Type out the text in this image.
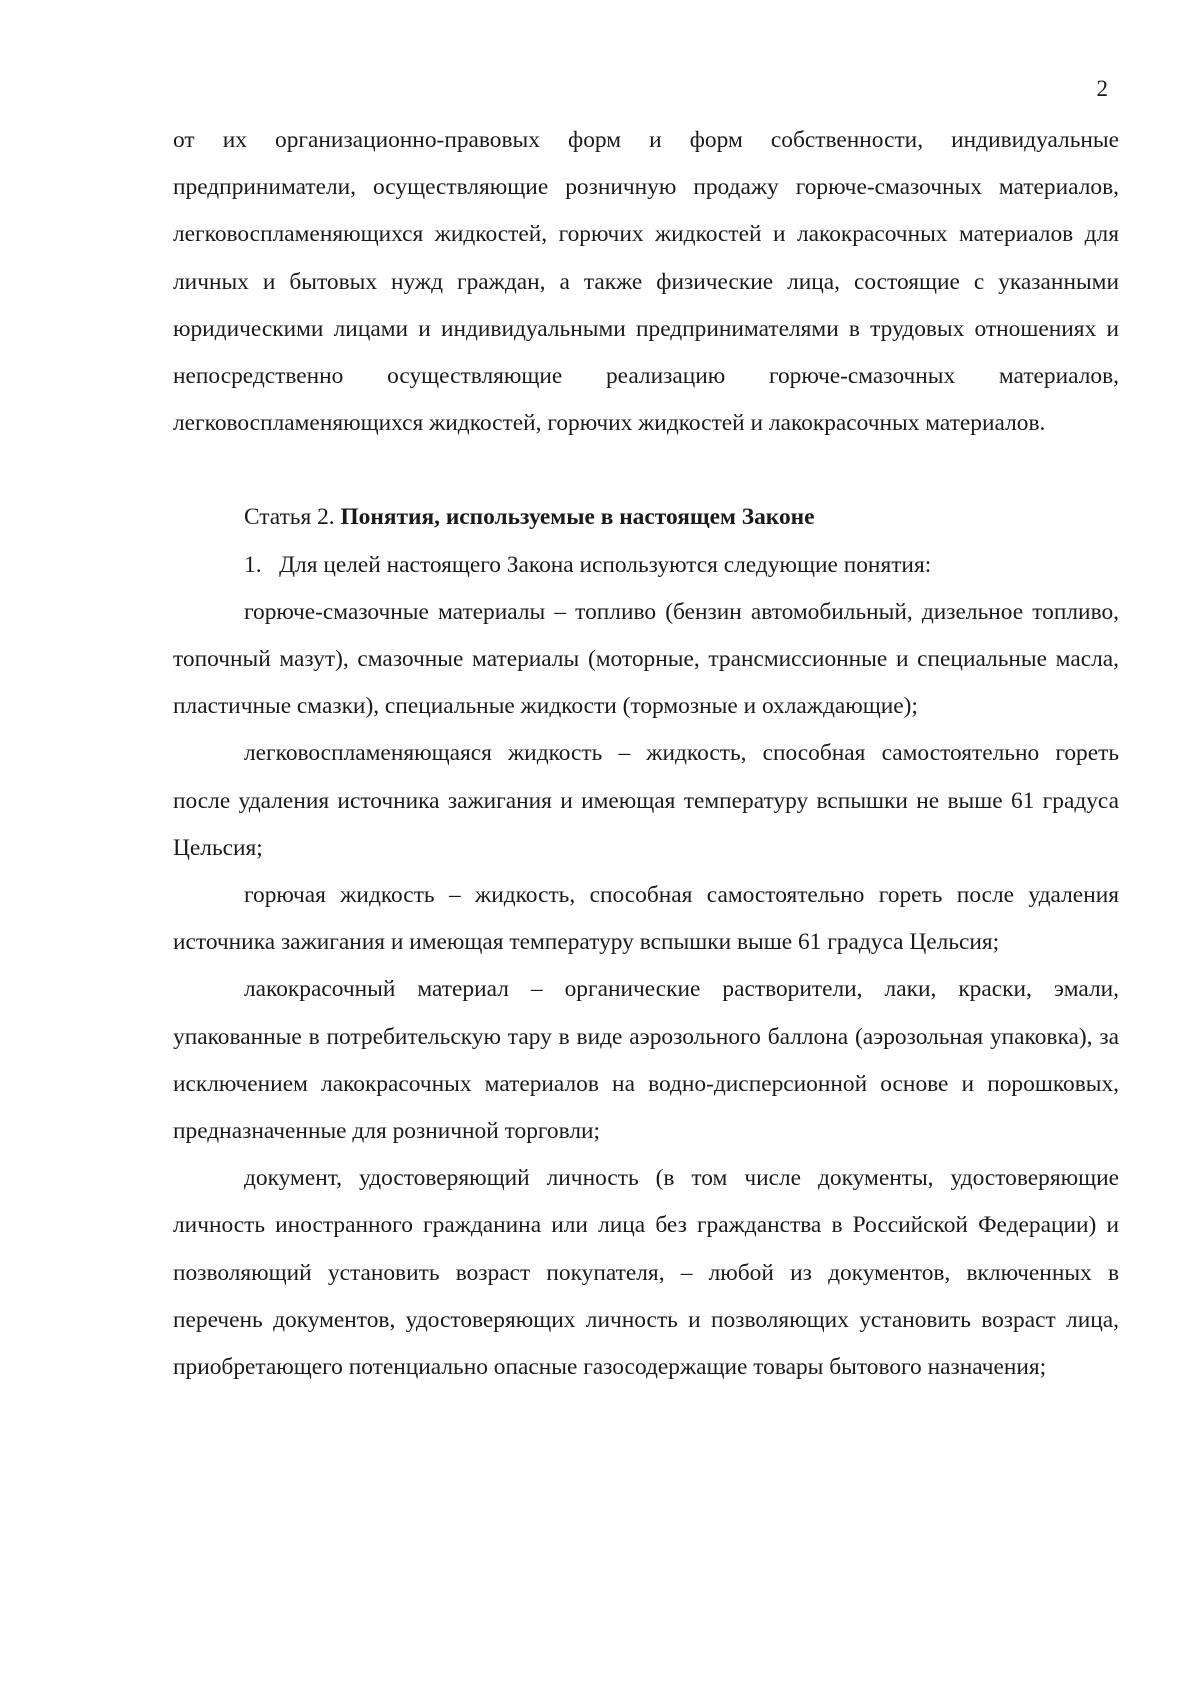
2

от их организационно-правовых форм и форм собственности, индивидуальные предприниматели, осуществляющие розничную продажу горюче-смазочных материалов, легковоспламеняющихся жидкостей, горючих жидкостей и лакокрасочных материалов для личных и бытовых нужд граждан, а также физические лица, состоящие с указанными юридическими лицами и индивидуальными предпринимателями в трудовых отношениях и непосредственно осуществляющие реализацию горюче-смазочных материалов, легковоспламеняющихся жидкостей, горючих жидкостей и лакокрасочных материалов.

Статья 2. Понятия, используемые в настоящем Законе

1.   Для целей настоящего Закона используются следующие понятия:

горюче-смазочные материалы – топливо (бензин автомобильный, дизельное топливо, топочный мазут), смазочные материалы (моторные, трансмиссионные и специальные масла, пластичные смазки), специальные жидкости (тормозные и охлаждающие);

легковоспламеняющаяся жидкость – жидкость, способная самостоятельно гореть после удаления источника зажигания и имеющая температуру вспышки не выше 61 градуса Цельсия;

горючая жидкость – жидкость, способная самостоятельно гореть после удаления источника зажигания и имеющая температуру вспышки выше 61 градуса Цельсия;

лакокрасочный материал – органические растворители, лаки, краски, эмали, упакованные в потребительскую тару в виде аэрозольного баллона (аэрозольная упаковка), за исключением лакокрасочных материалов на водно-дисперсионной основе и порошковых, предназначенные для розничной торговли;

документ, удостоверяющий личность (в том числе документы, удостоверяющие личность иностранного гражданина или лица без гражданства в Российской Федерации) и позволяющий установить возраст покупателя, – любой из документов, включенных в перечень документов, удостоверяющих личность и позволяющих установить возраст лица, приобретающего потенциально опасные газосодержащие товары бытового назначения;
